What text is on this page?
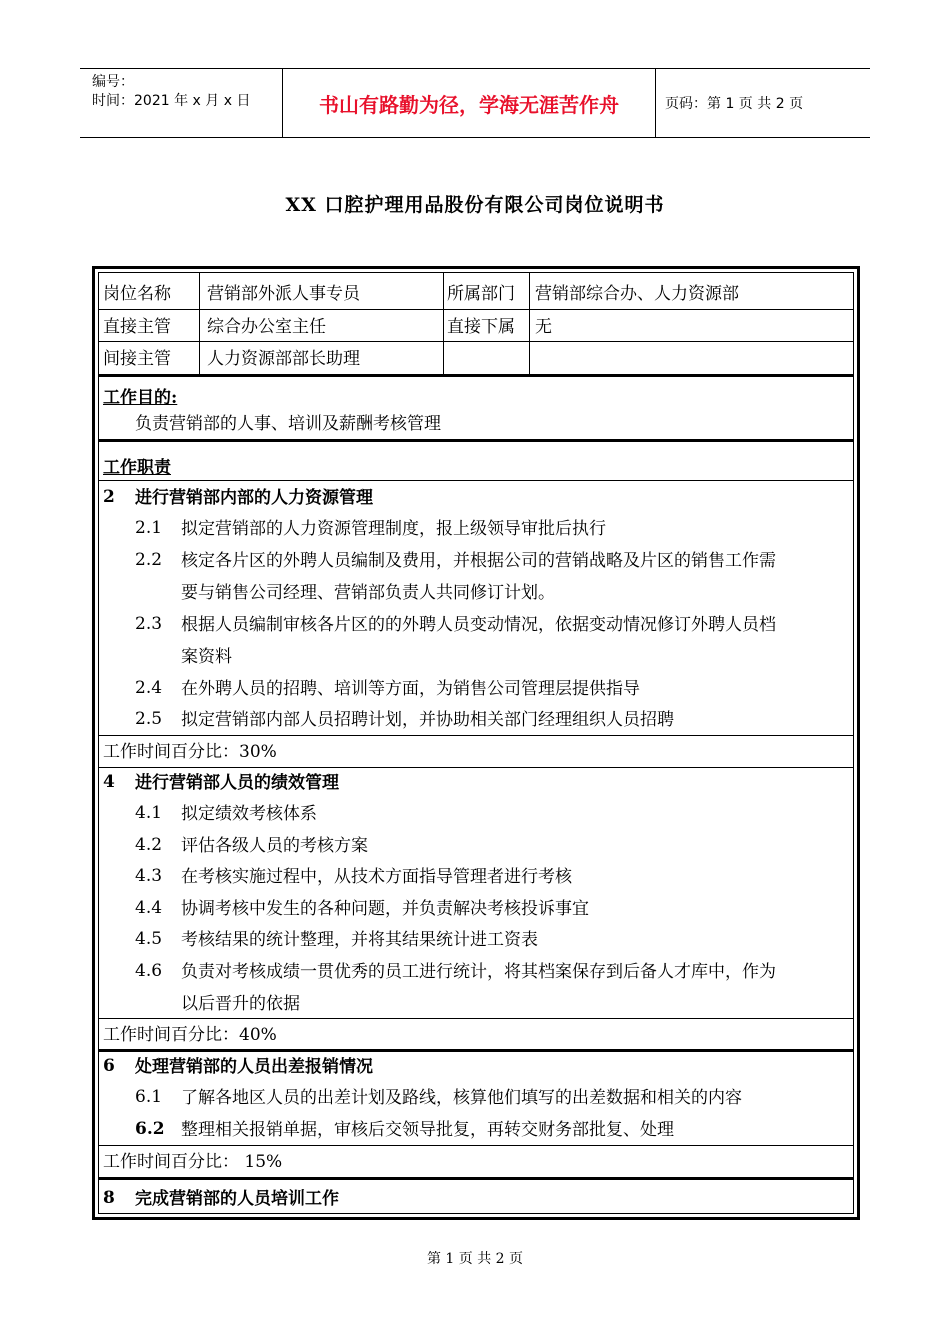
编号：
时间：2021 年 x 月 x 日	书山有路勤为径，学海无涯苦作舟	页码：第 1 页 共 2 页
XX 口腔护理用品股份有限公司岗位说明书
岗位名称 营销部外派人事专员	所属部门 营销部综合办、人力资源部
直接主管 综合办公室主任	直接下属 无
间接主管 人力资源部部长助理
工作目的:
负责营销部的人事、培训及薪酬考核管理
工作职责
2 进行营销部内部的人力资源管理
2.1 拟定营销部的人力资源管理制度，报上级领导审批后执行
2.2 核定各片区的外聘人员编制及费用，并根据公司的营销战略及片区的销售工作需
要与销售公司经理、营销部负责人共同修订计划。
2.3 根据人员编制审核各片区的的外聘人员变动情况，依据变动情况修订外聘人员档
案资料
2.4 在外聘人员的招聘、培训等方面，为销售公司管理层提供指导
2.5 拟定营销部内部人员招聘计划，并协助相关部门经理组织人员招聘
工作时间百分比：30%
4 进行营销部人员的绩效管理
4.1 拟定绩效考核体系
4.2 评估各级人员的考核方案
4.3 在考核实施过程中，从技术方面指导管理者进行考核
4.4 协调考核中发生的各种问题，并负责解决考核投诉事宜
4.5 考核结果的统计整理，并将其结果统计进工资表
4.6 负责对考核成绩一贯优秀的员工进行统计，将其档案保存到后备人才库中，作为
以后晋升的依据
工作时间百分比：40%
6 处理营销部的人员出差报销情况
6.1 了解各地区人员的出差计划及路线，核算他们填写的出差数据和相关的内容
6.2 整理相关报销单据，审核后交领导批复，再转交财务部批复、处理
工作时间百分比： 15%
8 完成营销部的人员培训工作
第 1 页 共 2 页
